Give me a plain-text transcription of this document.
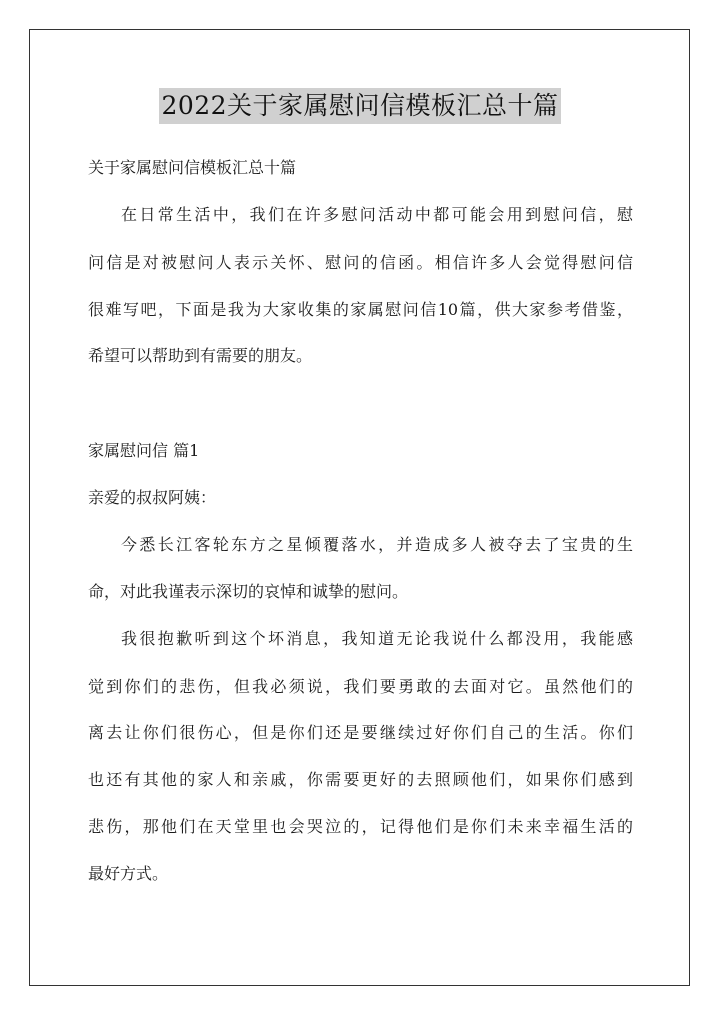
2022关于家属慰问信模板汇总十篇
关于家属慰问信模板汇总十篇
在日常生活中，我们在许多慰问活动中都可能会用到慰问信，慰
问信是对被慰问人表示关怀、慰问的信函。相信许多人会觉得慰问信
很难写吧，下面是我为大家收集的家属慰问信10篇，供大家参考借鉴，
希望可以帮助到有需要的朋友。
家属慰问信 篇1
亲爱的叔叔阿姨：
今悉长江客轮东方之星倾覆落水，并造成多人被夺去了宝贵的生
命，对此我谨表示深切的哀悼和诚挚的慰问。
我很抱歉听到这个坏消息，我知道无论我说什么都没用，我能感
觉到你们的悲伤，但我必须说，我们要勇敢的去面对它。虽然他们的
离去让你们很伤心，但是你们还是要继续过好你们自己的生活。你们
也还有其他的家人和亲戚，你需要更好的去照顾他们，如果你们感到
悲伤，那他们在天堂里也会哭泣的，记得他们是你们未来幸福生活的
最好方式。
